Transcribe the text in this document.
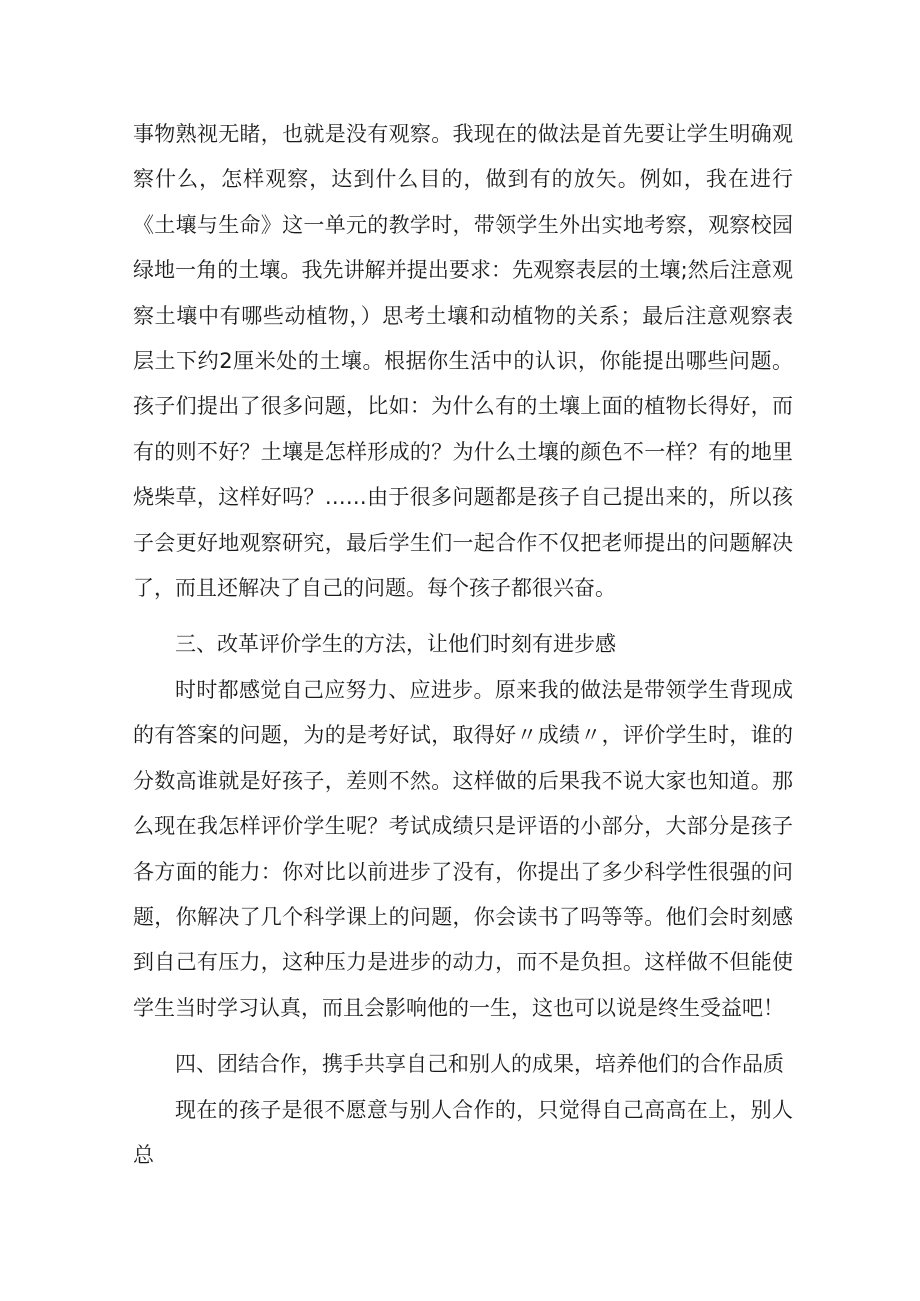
事物熟视无睹，也就是没有观察。我现在的做法是首先要让学生明确观察什么，怎样观察，达到什么目的，做到有的放矢。例如，我在进行《土壤与生命》这一单元的教学时，带领学生外出实地考察，观察校园绿地一角的土壤。我先讲解并提出要求：先观察表层的土壤;然后注意观察土壤中有哪些动植物，）思考土壤和动植物的关系；最后注意观察表层土下约2厘米处的土壤。根据你生活中的认识，你能提出哪些问题。孩子们提出了很多问题，比如：为什么有的土壤上面的植物长得好，而有的则不好？土壤是怎样形成的？为什么土壤的颜色不一样？有的地里烧柴草，这样好吗？……由于很多问题都是孩子自己提出来的，所以孩子会更好地观察研究，最后学生们一起合作不仅把老师提出的问题解决了，而且还解决了自己的问题。每个孩子都很兴奋。

三、改革评价学生的方法，让他们时刻有进步感

时时都感觉自己应努力、应进步。原来我的做法是带领学生背现成的有答案的问题，为的是考好试，取得好〃成绩〃，评价学生时，谁的分数高谁就是好孩子，差则不然。这样做的后果我不说大家也知道。那么现在我怎样评价学生呢？考试成绩只是评语的小部分，大部分是孩子各方面的能力：你对比以前进步了没有，你提出了多少科学性很强的问题，你解决了几个科学课上的问题，你会读书了吗等等。他们会时刻感到自己有压力，这种压力是进步的动力，而不是负担。这样做不但能使学生当时学习认真，而且会影响他的一生，这也可以说是终生受益吧！

四、团结合作，携手共享自己和别人的成果，培养他们的合作品质

现在的孩子是很不愿意与别人合作的，只觉得自己高高在上，别人总
